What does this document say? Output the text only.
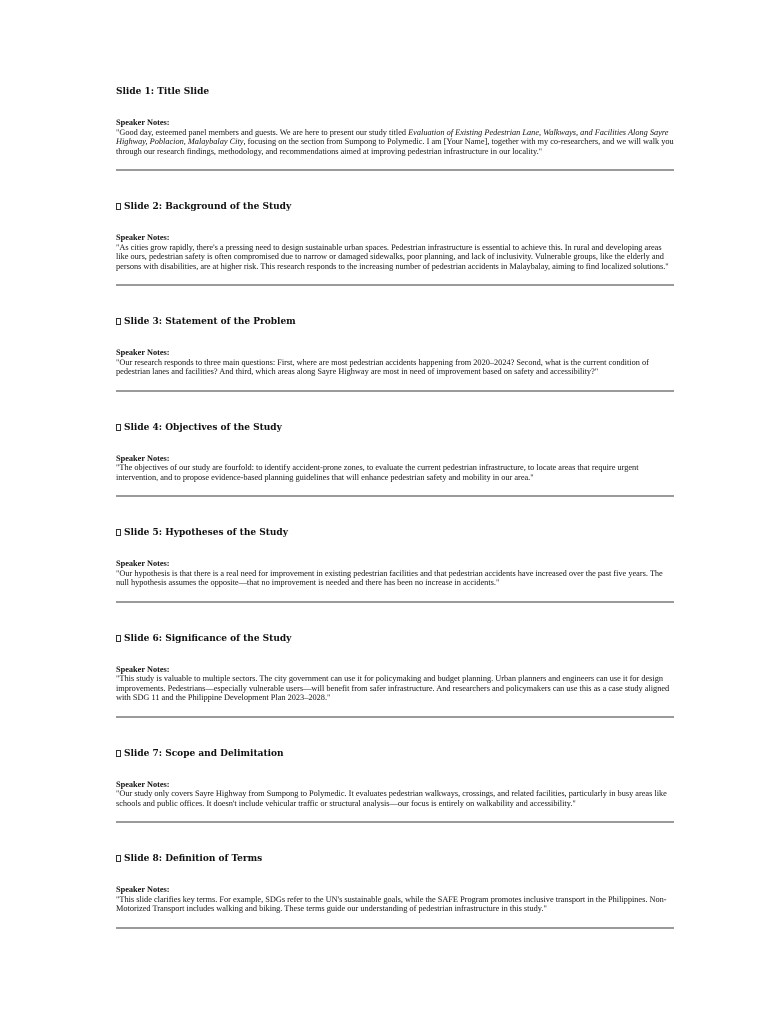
Slide 1: Title Slide

Speaker Notes:

"Good day, esteemed panel members and guests. We are here to present our study titled Evaluation of Existing Pedestrian Lane, Walkways, and Facilities Along Sayre Highway, Poblacion, Malaybalay City, focusing on the section from Sumpong to Polymedic. I am [Your Name], together with my co-researchers, and we will walk you through our research findings, methodology, and recommendations aimed at improving pedestrian infrastructure in our locality."

Slide 2: Background of the Study

Speaker Notes:

"As cities grow rapidly, there's a pressing need to design sustainable urban spaces. Pedestrian infrastructure is essential to achieve this. In rural and developing areas like ours, pedestrian safety is often compromised due to narrow or damaged sidewalks, poor planning, and lack of inclusivity. Vulnerable groups, like the elderly and persons with disabilities, are at higher risk. This research responds to the increasing number of pedestrian accidents in Malaybalay, aiming to find localized solutions."

Slide 3: Statement of the Problem

Speaker Notes:

"Our research responds to three main questions: First, where are most pedestrian accidents happening from 2020–2024? Second, what is the current condition of pedestrian lanes and facilities? And third, which areas along Sayre Highway are most in need of improvement based on safety and accessibility?"

Slide 4: Objectives of the Study

Speaker Notes:

"The objectives of our study are fourfold: to identify accident-prone zones, to evaluate the current pedestrian infrastructure, to locate areas that require urgent intervention, and to propose evidence-based planning guidelines that will enhance pedestrian safety and mobility in our area."

Slide 5: Hypotheses of the Study

Speaker Notes:

"Our hypothesis is that there is a real need for improvement in existing pedestrian facilities and that pedestrian accidents have increased over the past five years. The null hypothesis assumes the opposite—that no improvement is needed and there has been no increase in accidents."

Slide 6: Significance of the Study

Speaker Notes:

"This study is valuable to multiple sectors. The city government can use it for policymaking and budget planning. Urban planners and engineers can use it for design improvements. Pedestrians—especially vulnerable users—will benefit from safer infrastructure. And researchers and policymakers can use this as a case study aligned with SDG 11 and the Philippine Development Plan 2023–2028."

Slide 7: Scope and Delimitation

Speaker Notes:

"Our study only covers Sayre Highway from Sumpong to Polymedic. It evaluates pedestrian walkways, crossings, and related facilities, particularly in busy areas like schools and public offices. It doesn't include vehicular traffic or structural analysis—our focus is entirely on walkability and accessibility."

Slide 8: Definition of Terms

Speaker Notes:

"This slide clarifies key terms. For example, SDGs refer to the UN's sustainable goals, while the SAFE Program promotes inclusive transport in the Philippines. Non-Motorized Transport includes walking and biking. These terms guide our understanding of pedestrian infrastructure in this study."
